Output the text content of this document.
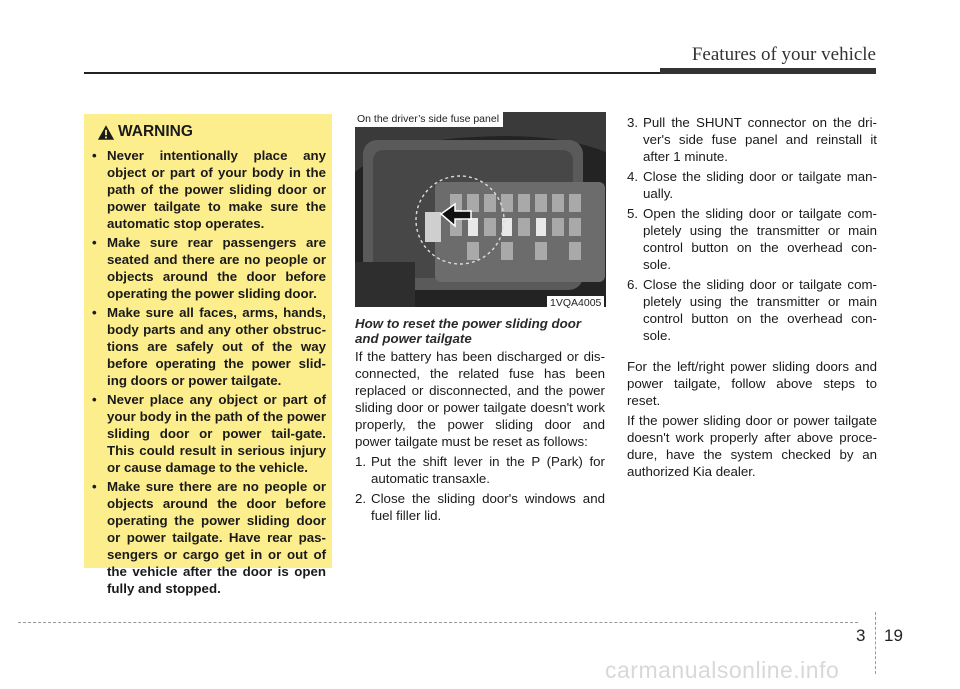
Features of your vehicle
WARNING
• Never intentionally place any object or part of your body in the path of the power sliding door or power tailgate to make sure the automatic stop operates.
• Make sure rear passengers are seated and there are no people or objects around the door before operating the power sliding door.
• Make sure all faces, arms, hands, body parts and any other obstruc-tions are safely out of the way before operating the power slid-ing doors or power tailgate.
• Never place any object or part of your body in the path of the power sliding door or power tail-gate. This could result in serious injury or cause damage to the vehicle.
• Make sure there are no people or objects around the door before operating the power sliding door or power tailgate. Have rear pas-sengers or cargo get in or out of the vehicle after the door is open fully and stopped.
On the driver’s side fuse panel
1VQA4005
How to reset the power sliding door and power tailgate

If the battery has been discharged or dis-connected, the related fuse has been replaced or disconnected, and the power sliding door or power tailgate doesn't work properly, the power sliding door and power tailgate must be reset as follows:

1. Put the shift lever in the P (Park) for automatic transaxle.
2. Close the sliding door's windows and fuel filler lid.
3. Pull the SHUNT connector on the dri-ver's side fuse panel and reinstall it after 1 minute.
4. Close the sliding door or tailgate man-ually.
5. Open the sliding door or tailgate com-pletely using the transmitter or main control button on the overhead con-sole.
6. Close the sliding door or tailgate com-pletely using the transmitter or main control button on the overhead con-sole.

For the left/right power sliding doors and power tailgate, follow above steps to reset.

If the power sliding door or power tailgate doesn't work properly after above proce-dure, have the system checked by an authorized Kia dealer.

3 19
carmanualsonline.info
